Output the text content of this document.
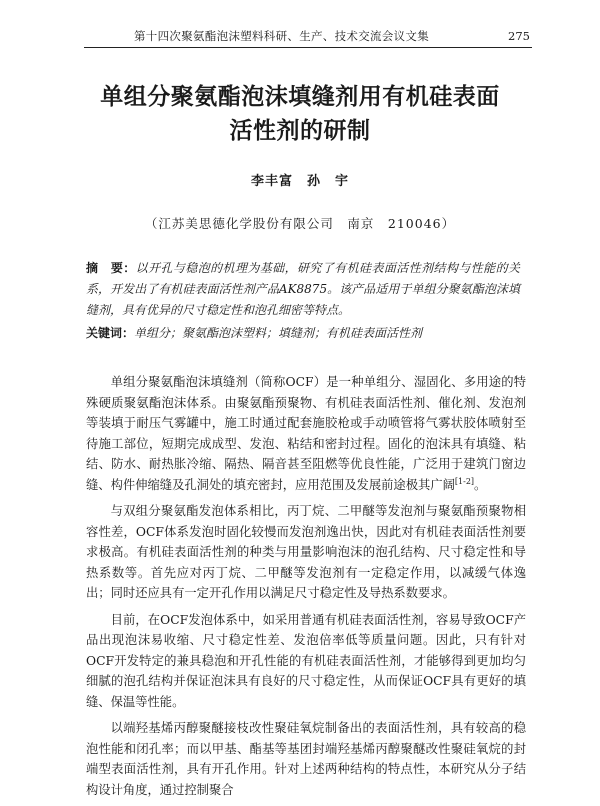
第十四次聚氨酯泡沫塑料科研、生产、技术交流会议文集	275
单组分聚氨酯泡沫填缝剂用有机硅表面
活性剂的研制
李丰富　孙　宇
（江苏美思德化学股份有限公司　南京　210046）
摘　要：以开孔与稳泡的机理为基础，研究了有机硅表面活性剂结构与性能的关系，开发出了有机硅表面活性剂产品AK8875。该产品适用于单组分聚氨酯泡沫填缝剂，具有优异的尺寸稳定性和泡孔细密等特点。
关键词：单组分；聚氨酯泡沫塑料；填缝剂；有机硅表面活性剂

单组分聚氨酯泡沫填缝剂（简称OCF）是一种单组分、湿固化、多用途的特殊硬质聚氨酯泡沫体系。由聚氨酯预聚物、有机硅表面活性剂、催化剂、发泡剂等装填于耐压气雾罐中，施工时通过配套施胶枪或手动喷管将气雾状胶体喷射至待施工部位，短期完成成型、发泡、粘结和密封过程。固化的泡沫具有填缝、粘结、防水、耐热胀冷缩、隔热、隔音甚至阻燃等优良性能，广泛用于建筑门窗边缝、构件伸缩缝及孔洞处的填充密封，应用范围及发展前途极其广阔[1-2]。

与双组分聚氨酯发泡体系相比，丙丁烷、二甲醚等发泡剂与聚氨酯预聚物相容性差，OCF体系发泡时固化较慢而发泡剂逸出快，因此对有机硅表面活性剂要求极高。有机硅表面活性剂的种类与用量影响泡沫的泡孔结构、尺寸稳定性和导热系数等。首先应对丙丁烷、二甲醚等发泡剂有一定稳定作用，以减缓气体逸出；同时还应具有一定开孔作用以满足尺寸稳定性及导热系数要求。

目前，在OCF发泡体系中，如采用普通有机硅表面活性剂，容易导致OCF产品出现泡沫易收缩、尺寸稳定性差、发泡倍率低等质量问题。因此，只有针对OCF开发特定的兼具稳泡和开孔性能的有机硅表面活性剂，才能够得到更加均匀细腻的泡孔结构并保证泡沫具有良好的尺寸稳定性，从而保证OCF具有更好的填缝、保温等性能。

以端羟基烯丙醇聚醚接枝改性聚硅氧烷制备出的表面活性剂，具有较高的稳泡性能和闭孔率；而以甲基、酯基等基团封端羟基烯丙醇聚醚改性聚硅氧烷的封端型表面活性剂，具有开孔作用。针对上述两种结构的特点性，本研究从分子结构设计角度，通过控制聚合
